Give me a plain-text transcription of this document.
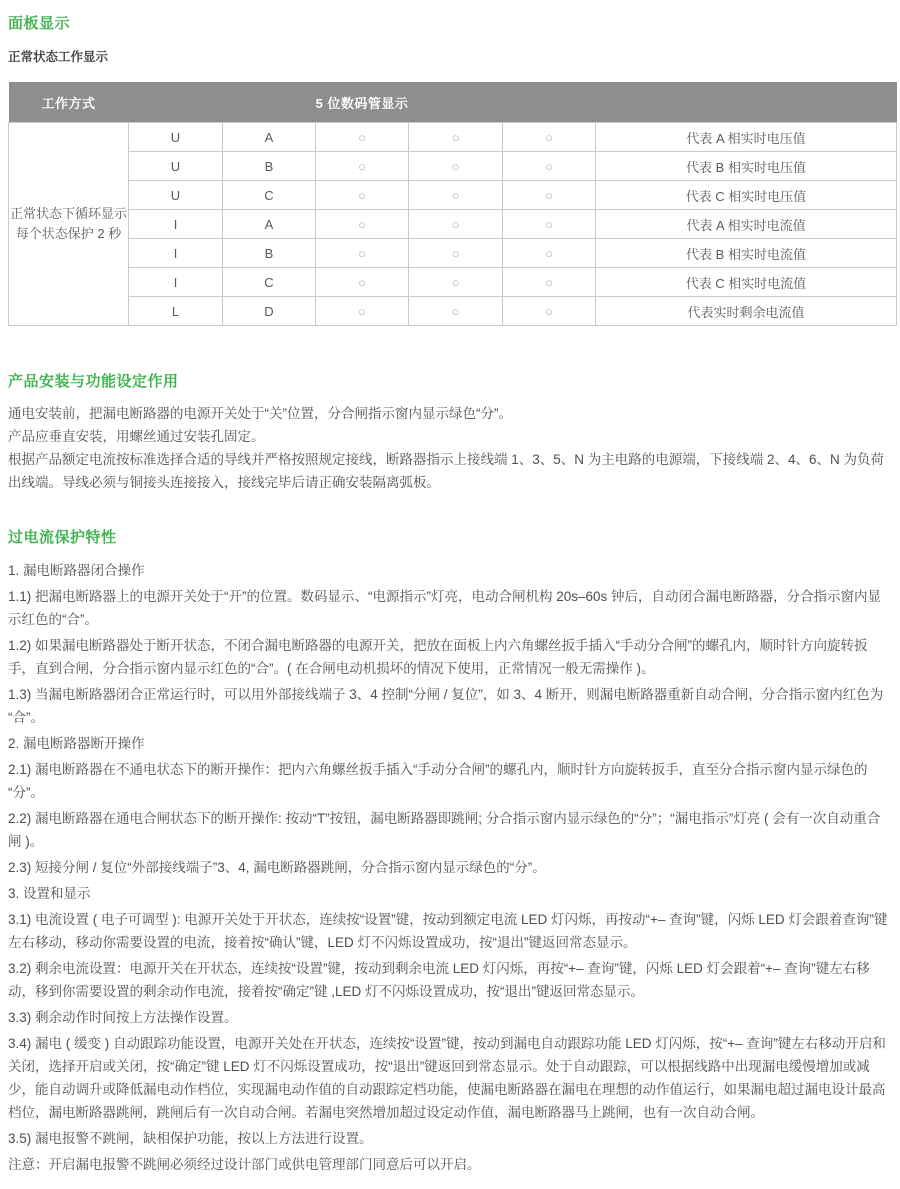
面板显示
正常状态工作显示
工作方式	5 位数码管显示					
正常状态下循环显示每个状态保护 2 秒	U	A	○	○	○	代表 A 相实时电压值
	U	B	○	○	○	代表 B 相实时电压值
	U	C	○	○	○	代表 C 相实时电压值
	I	A	○	○	○	代表 A 相实时电流值
	I	B	○	○	○	代表 B 相实时电流值
	I	C	○	○	○	代表 C 相实时电流值
	L	D	○	○	○	代表实时剩余电流值
产品安装与功能设定作用

通电安装前，把漏电断路器的电源开关处于“关”位置，分合闸指示窗内显示绿色“分”。

产品应垂直安装，用螺丝通过安装孔固定。

根据产品额定电流按标准选择合适的导线并严格按照规定接线，断路器指示上接线端 1、3、5、N 为主电路的电源端，下接线端 2、4、6、N 为负荷出线端。导线必须与铜接头连接接入，接线完毕后请正确安装隔离弧板。

过电流保护特性

1. 漏电断路器闭合操作

1.1) 把漏电断路器上的电源开关处于“开”的位置。数码显示、“电源指示”灯亮，电动合闸机构 20s–60s 钟后，自动闭合漏电断路器，分合指示窗内显示红色的“合”。

1.2) 如果漏电断路器处于断开状态，不闭合漏电断路器的电源开关，把放在面板上内六角螺丝扳手插入“手动分合闸”的螺孔内，顺时针方向旋转扳手，直到合闸，分合指示窗内显示红色的“合”。( 在合闸电动机损坏的情况下使用，正常情况一般无需操作 )。

1.3) 当漏电断路器闭合正常运行时，可以用外部接线端子 3、4 控制“分闸 / 复位”，如 3、4 断开，则漏电断路器重新自动合闸，分合指示窗内红色为“合”。

2. 漏电断路器断开操作

2.1) 漏电断路器在不通电状态下的断开操作：把内六角螺丝扳手插入“手动分合闸”的螺孔内，顺时针方向旋转扳手，直至分合指示窗内显示绿色的“分”。

2.2) 漏电断路器在通电合闸状态下的断开操作: 按动“T”按钮，漏电断路器即跳闸; 分合指示窗内显示绿色的“分”；“漏电指示”灯亮 ( 会有一次自动重合闸 )。

2.3) 短接分闸 / 复位“外部接线端子”3、4, 漏电断路器跳闸，分合指示窗内显示绿色的“分”。

3. 设置和显示

3.1) 电流设置 ( 电子可调型 ): 电源开关处于开状态，连续按“设置”键，按动到额定电流 LED 灯闪烁，再按动“+– 查询”键，闪烁 LED 灯会跟着查询”键左右移动，移动你需要设置的电流，接着按“确认”键，LED 灯不闪烁设置成功，按“退出”键返回常态显示。

3.2) 剩余电流设置：电源开关在开状态，连续按“设置”键，按动到剩余电流 LED 灯闪烁，再按“+– 查询”键，闪烁 LED 灯会跟着“+– 查询”键左右移动，移到你需要设置的剩余动作电流，接着按“确定”键 ,LED 灯不闪烁设置成功，按“退出”键返回常态显示。

3.3) 剩余动作时间按上方法操作设置。

3.4) 漏电 ( 缓变 ) 自动跟踪功能设置，电源开关处在开状态，连续按“设置”键，按动到漏电自动跟踪功能 LED 灯闪烁，按“+– 查询”键左右移动开启和关闭，选择开启或关闭，按“确定”键 LED 灯不闪烁设置成功，按“退出”键返回到常态显示。处于自动跟踪，可以根据线路中出现漏电缓慢增加或减少，能自动调升或降低漏电动作档位，实现漏电动作值的自动跟踪定档功能，使漏电断路器在漏电在理想的动作值运行，如果漏电超过漏电设计最高档位，漏电断路器跳闸，跳闸后有一次自动合闸。若漏电突然增加超过设定动作值，漏电断路器马上跳闸，也有一次自动合闸。

3.5) 漏电报警不跳闸，缺相保护功能，按以上方法进行设置。

注意：开启漏电报警不跳闸必须经过设计部门或供电管理部门同意后可以开启。
